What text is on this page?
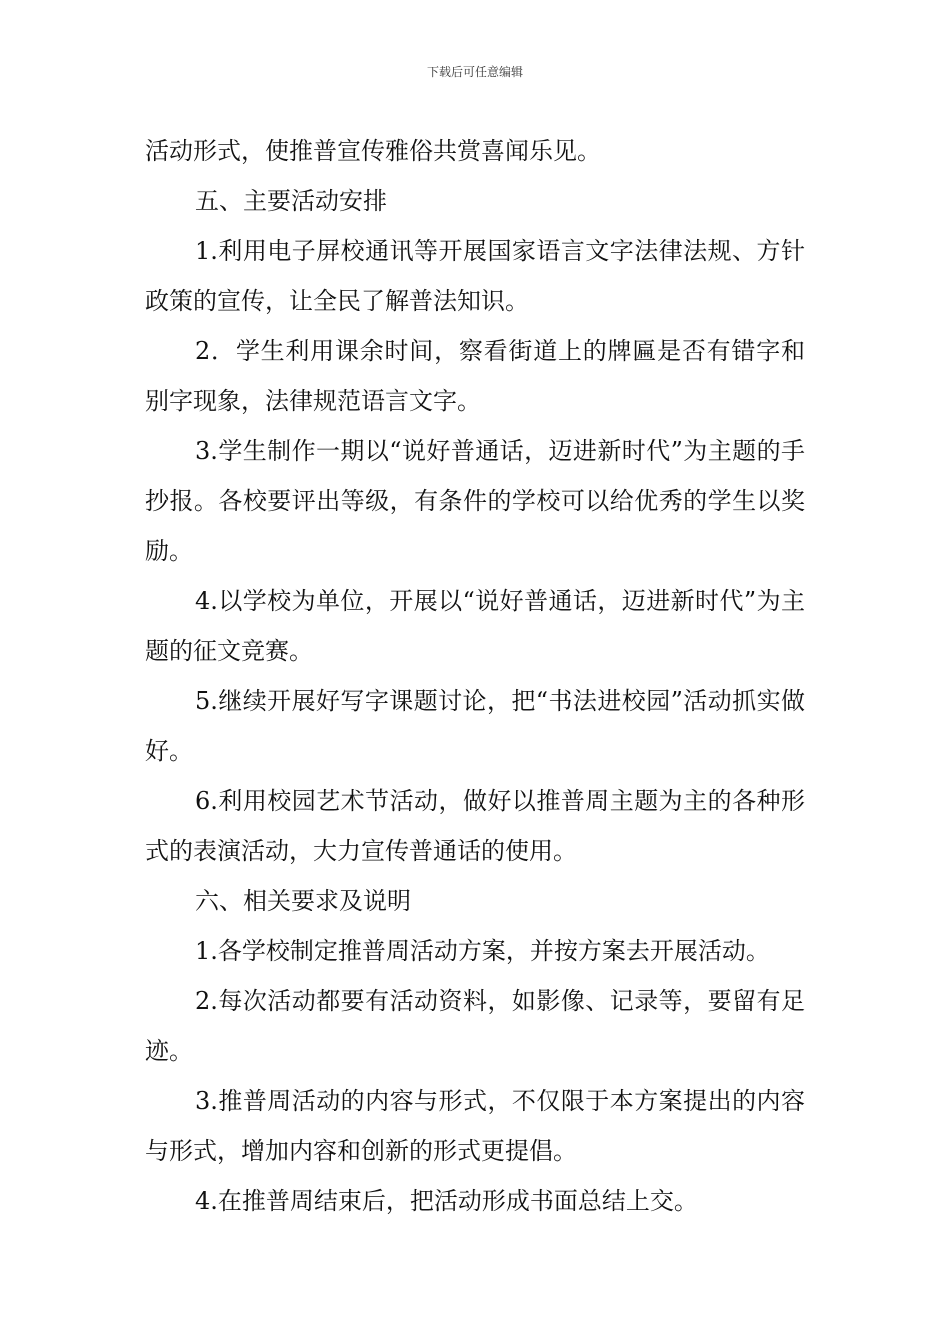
下载后可任意编辑

活动形式，使推普宣传雅俗共赏喜闻乐见。

五、主要活动安排

1.利用电子屏校通讯等开展国家语言文字法律法规、方针政策的宣传，让全民了解普法知识。

2．学生利用课余时间，察看街道上的牌匾是否有错字和别字现象，法律规范语言文字。

3.学生制作一期以“说好普通话，迈进新时代”为主题的手抄报。各校要评出等级，有条件的学校可以给优秀的学生以奖励。

4.以学校为单位，开展以“说好普通话，迈进新时代”为主题的征文竞赛。

5.继续开展好写字课题讨论，把“书法进校园”活动抓实做好。

6.利用校园艺术节活动，做好以推普周主题为主的各种形式的表演活动，大力宣传普通话的使用。

六、相关要求及说明

1.各学校制定推普周活动方案，并按方案去开展活动。

2.每次活动都要有活动资料，如影像、记录等，要留有足迹。

3.推普周活动的内容与形式，不仅限于本方案提出的内容与形式，增加内容和创新的形式更提倡。

4.在推普周结束后，把活动形成书面总结上交。
